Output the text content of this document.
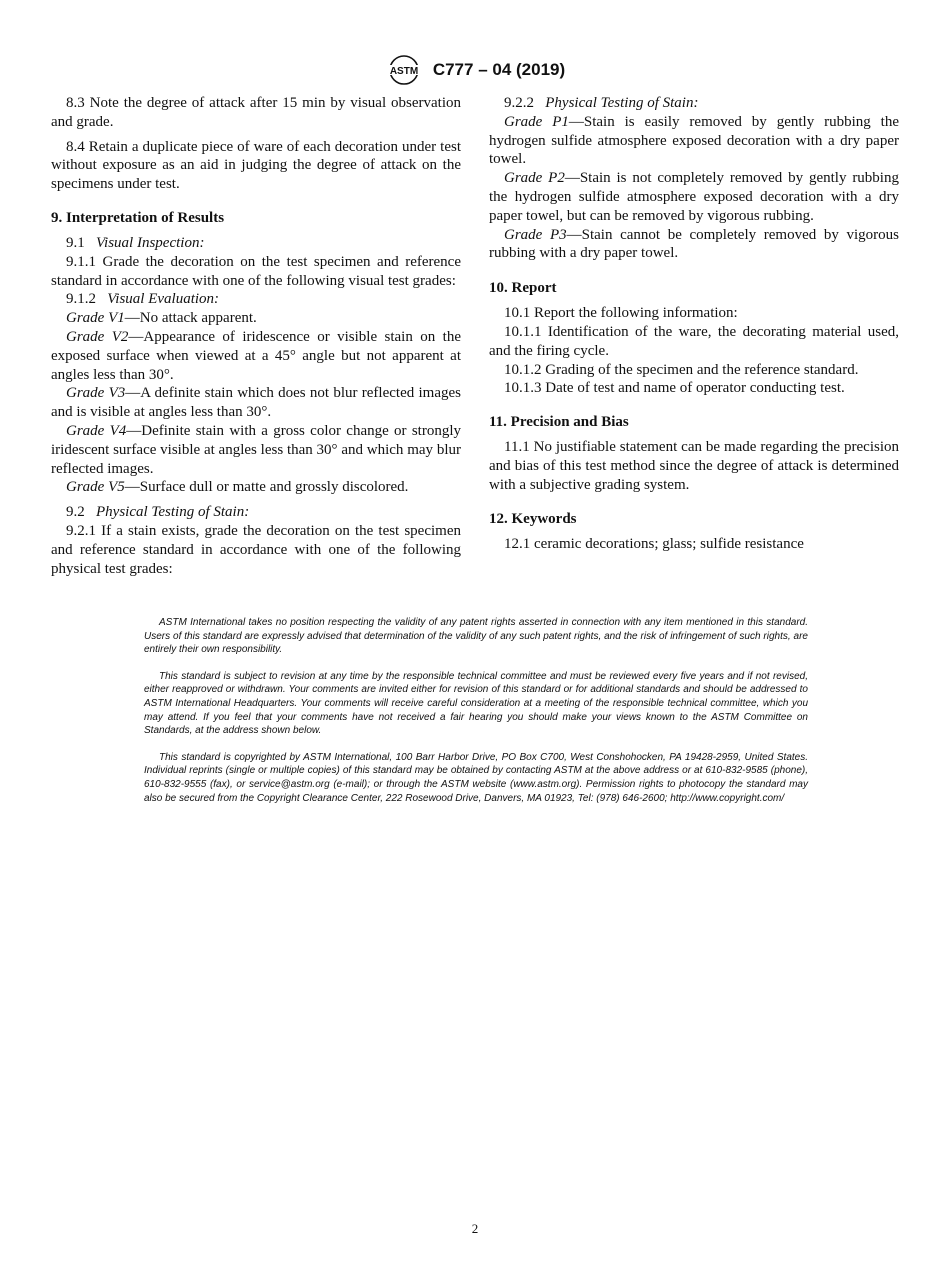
ASTM C777 – 04 (2019)

8.3 Note the degree of attack after 15 min by visual observation and grade.

8.4 Retain a duplicate piece of ware of each decoration under test without exposure as an aid in judging the degree of attack on the specimens under test.

9. Interpretation of Results

9.1 Visual Inspection:

9.1.1 Grade the decoration on the test specimen and reference standard in accordance with one of the following visual test grades:

9.1.2 Visual Evaluation:

Grade V1—No attack apparent.

Grade V2—Appearance of iridescence or visible stain on the exposed surface when viewed at a 45° angle but not apparent at angles less than 30°.

Grade V3—A definite stain which does not blur reflected images and is visible at angles less than 30°.

Grade V4—Definite stain with a gross color change or strongly iridescent surface visible at angles less than 30° and which may blur reflected images.

Grade V5—Surface dull or matte and grossly discolored.

9.2 Physical Testing of Stain:

9.2.1 If a stain exists, grade the decoration on the test specimen and reference standard in accordance with one of the following physical test grades:

9.2.2 Physical Testing of Stain:

Grade P1—Stain is easily removed by gently rubbing the hydrogen sulfide atmosphere exposed decoration with a dry paper towel.

Grade P2—Stain is not completely removed by gently rubbing the hydrogen sulfide atmosphere exposed decoration with a dry paper towel, but can be removed by vigorous rubbing.

Grade P3—Stain cannot be completely removed by vigorous rubbing with a dry paper towel.

10. Report

10.1 Report the following information:

10.1.1 Identification of the ware, the decorating material used, and the firing cycle.

10.1.2 Grading of the specimen and the reference standard.

10.1.3 Date of test and name of operator conducting test.

11. Precision and Bias

11.1 No justifiable statement can be made regarding the precision and bias of this test method since the degree of attack is determined with a subjective grading system.

12. Keywords

12.1 ceramic decorations; glass; sulfide resistance

ASTM International takes no position respecting the validity of any patent rights asserted in connection with any item mentioned in this standard. Users of this standard are expressly advised that determination of the validity of any such patent rights, and the risk of infringement of such rights, are entirely their own responsibility.

This standard is subject to revision at any time by the responsible technical committee and must be reviewed every five years and if not revised, either reapproved or withdrawn. Your comments are invited either for revision of this standard or for additional standards and should be addressed to ASTM International Headquarters. Your comments will receive careful consideration at a meeting of the responsible technical committee, which you may attend. If you feel that your comments have not received a fair hearing you should make your views known to the ASTM Committee on Standards, at the address shown below.

This standard is copyrighted by ASTM International, 100 Barr Harbor Drive, PO Box C700, West Conshohocken, PA 19428-2959, United States. Individual reprints (single or multiple copies) of this standard may be obtained by contacting ASTM at the above address or at 610-832-9585 (phone), 610-832-9555 (fax), or service@astm.org (e-mail); or through the ASTM website (www.astm.org). Permission rights to photocopy the standard may also be secured from the Copyright Clearance Center, 222 Rosewood Drive, Danvers, MA 01923, Tel: (978) 646-2600; http://www.copyright.com/

2
